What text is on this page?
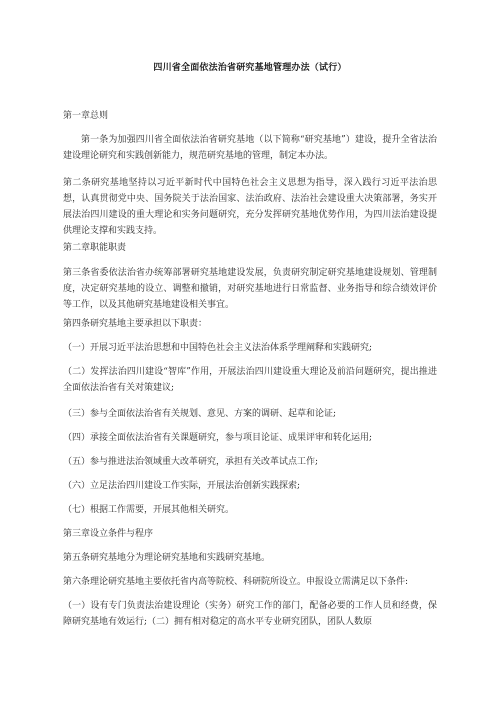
四川省全面依法治省研究基地管理办法（试行）
第一章总则
第一条为加强四川省全面依法治省研究基地（以下简称“研究基地”）建设，提升全省法治建设理论研究和实践创新能力，规范研究基地的管理，制定本办法。
第二条研究基地坚持以习近平新时代中国特色社会主义思想为指导，深入践行习近平法治思想，认真贯彻党中央、国务院关于法治国家、法治政府、法治社会建设重大决策部署，务实开展法治四川建设的重大理论和实务问题研究，充分发挥研究基地优势作用，为四川法治建设提供理论支撑和实践支持。
第二章职能职责
第三条省委依法治省办统筹部署研究基地建设发展，负责研究制定研究基地建设规划、管理制度，决定研究基地的设立、调整和撤销，对研究基地进行日常监督、业务指导和综合绩效评价等工作，以及其他研究基地建设相关事宜。
第四条研究基地主要承担以下职责：
（一）开展习近平法治思想和中国特色社会主义法治体系学理阐释和实践研究;
（二）发挥法治四川建设“智库”作用，开展法治四川建设重大理论及前沿问题研究，提出推进全面依法治省有关对策建议;
（三）参与全面依法治省有关规划、意见、方案的调研、起草和论证;
（四）承接全面依法治省有关课题研究，参与项目论证、成果评审和转化运用;
（五）参与推进法治领域重大改革研究，承担有关改革试点工作;
（六）立足法治四川建设工作实际，开展法治创新实践探索;
（七）根据工作需要，开展其他相关研究。
第三章设立条件与程序
第五条研究基地分为理论研究基地和实践研究基地。
第六条理论研究基地主要依托省内高等院校、科研院所设立。申报设立需满足以下条件:
（一）设有专门负责法治建设理论（实务）研究工作的部门，配备必要的工作人员和经费，保障研究基地有效运行;（二）拥有相对稳定的高水平专业研究团队，团队人数原
